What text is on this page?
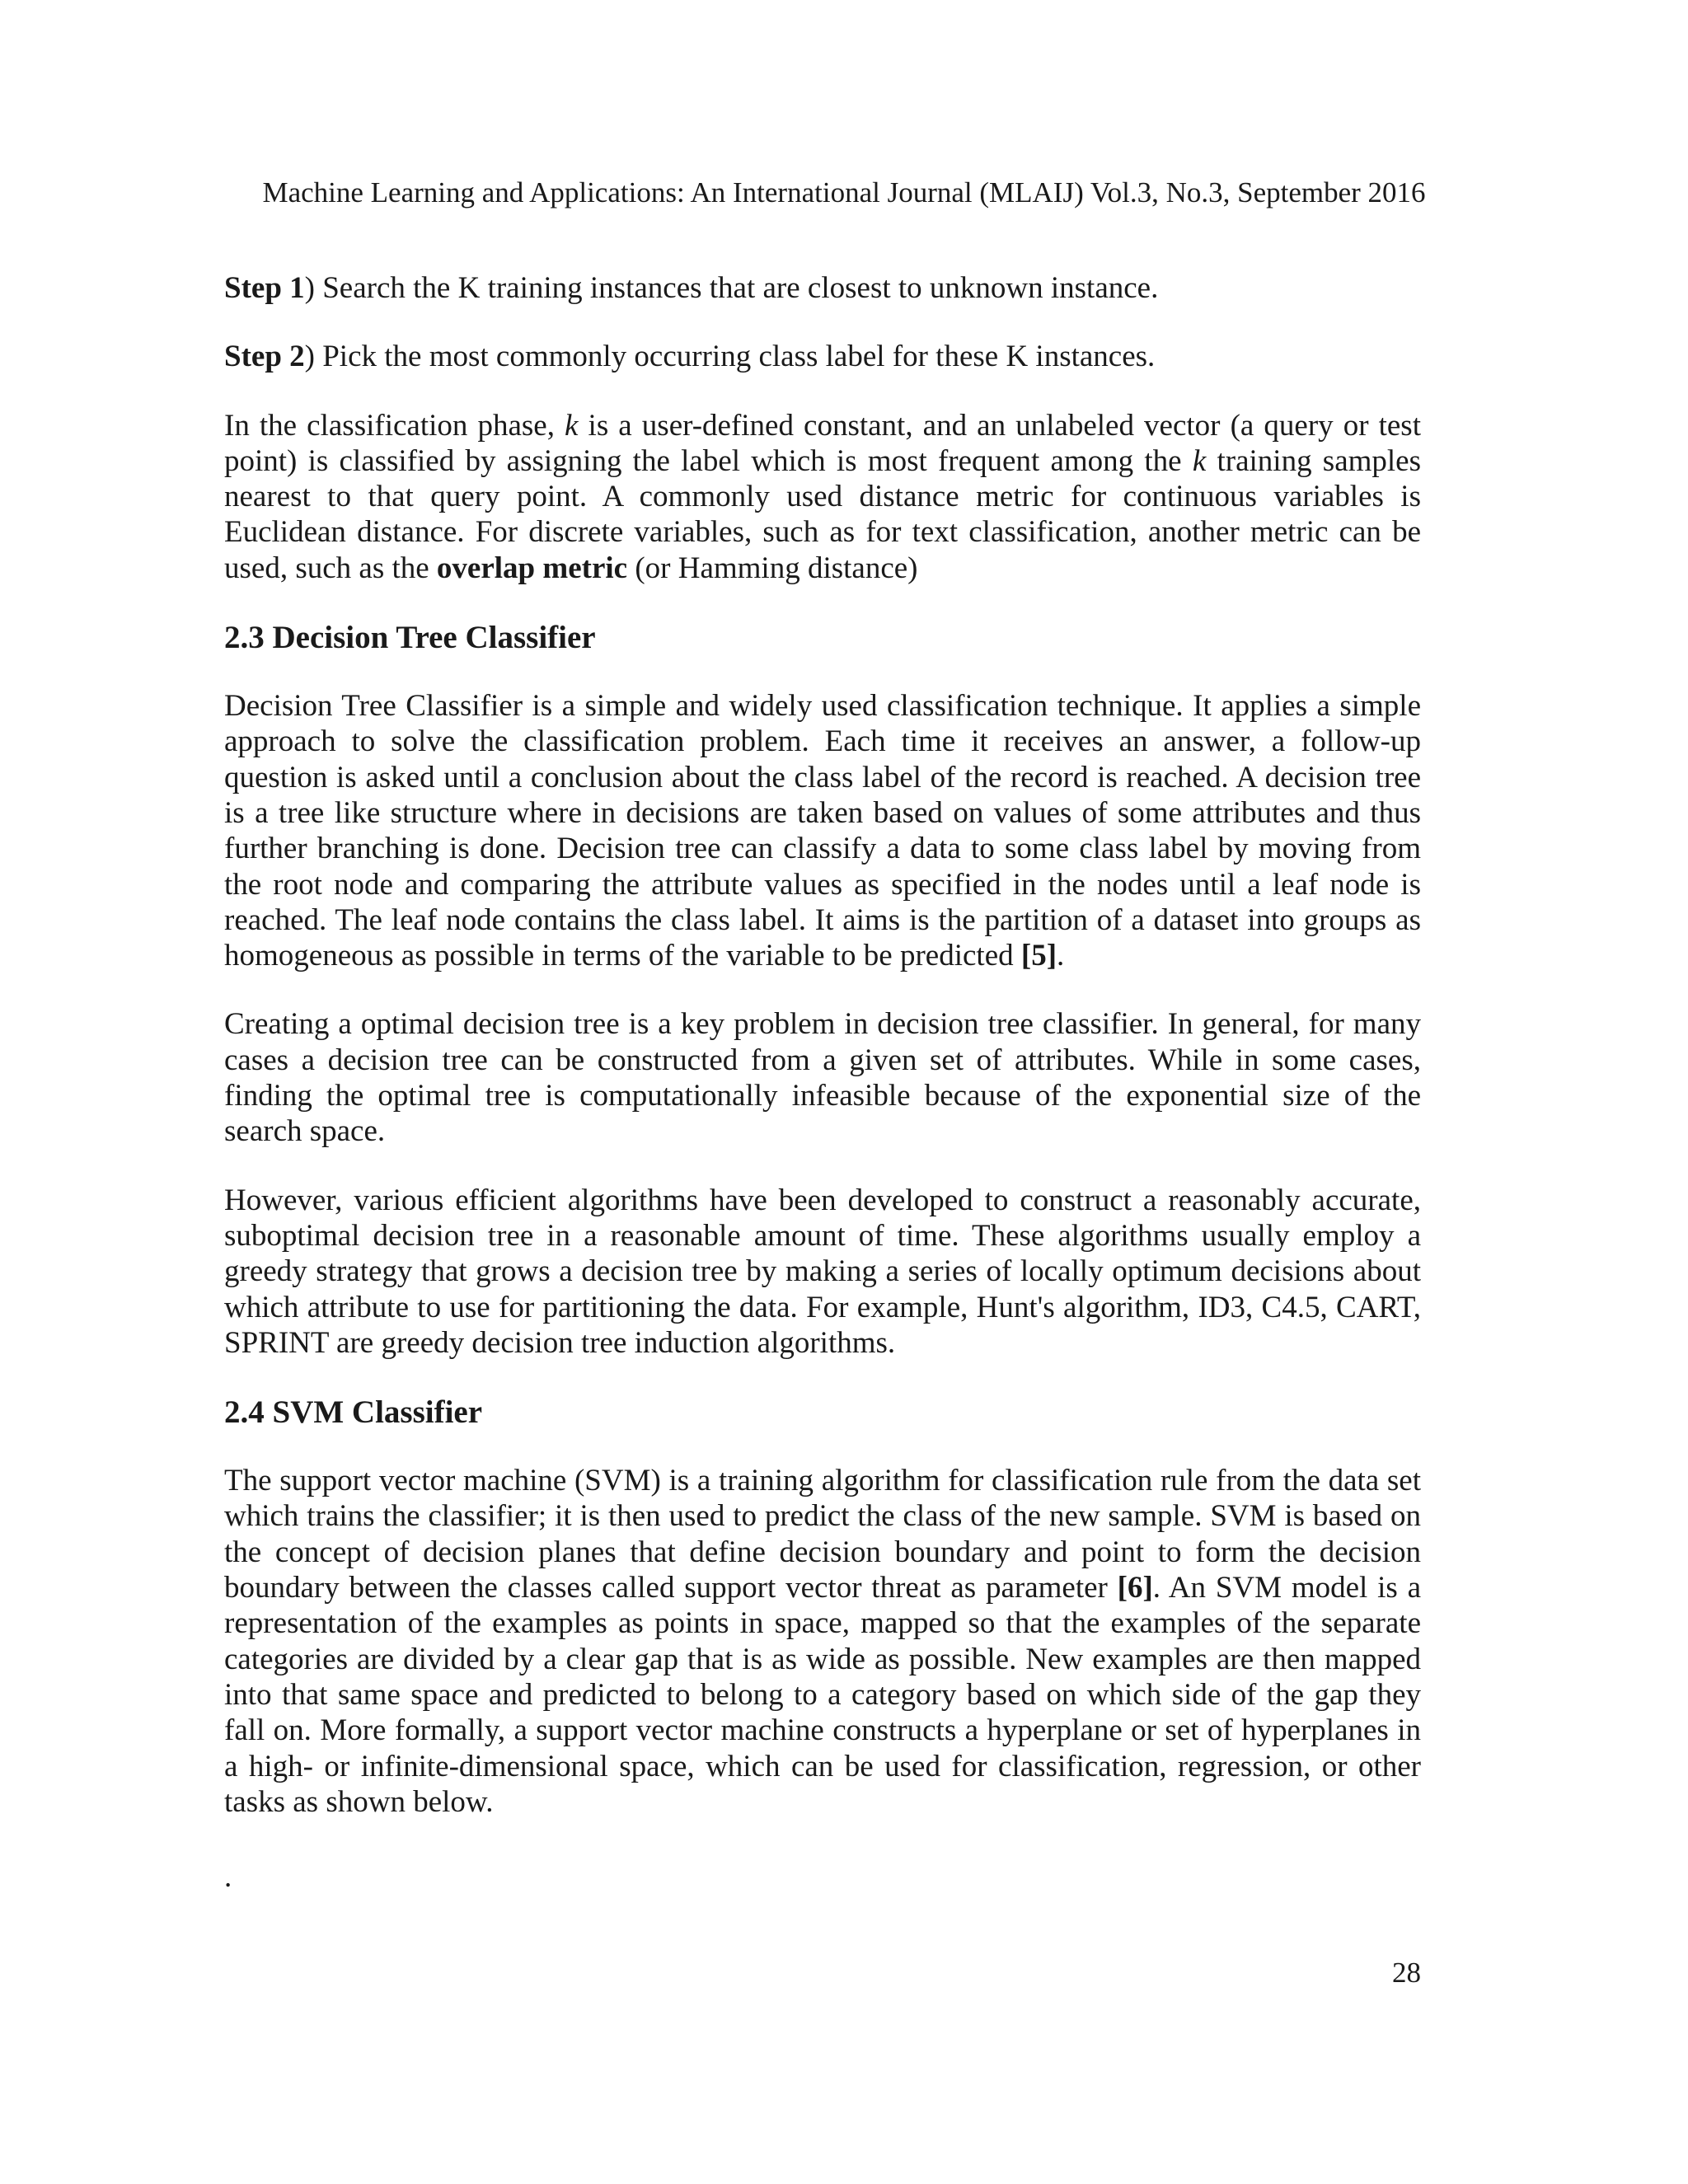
Machine Learning and Applications: An International Journal (MLAIJ) Vol.3, No.3, September 2016

Step 1) Search the K training instances that are closest to unknown instance.

Step 2) Pick the most commonly occurring class label for these K instances.

In the classification phase, k is a user-defined constant, and an unlabeled vector (a query or test point) is classified by assigning the label which is most frequent among the k training samples nearest to that query point. A commonly used distance metric for continuous variables is Euclidean distance. For discrete variables, such as for text classification, another metric can be used, such as the overlap metric (or Hamming distance)

2.3 Decision Tree Classifier

Decision Tree Classifier is a simple and widely used classification technique. It applies a simple approach to solve the classification problem. Each time it receives an answer, a follow-up question is asked until a conclusion about the class label of the record is reached. A decision tree is a tree like structure where in decisions are taken based on values of some attributes and thus further branching is done. Decision tree can classify a data to some class label by moving from the root node and comparing the attribute values as specified in the nodes until a leaf node is reached. The leaf node contains the class label. It aims is the partition of a dataset into groups as homogeneous as possible in terms of the variable to be predicted [5].

Creating a optimal decision tree is a key problem in decision tree classifier. In general, for many cases a decision tree can be constructed from a given set of attributes. While in some cases, finding the optimal tree is computationally infeasible because of the exponential size of the search space.

However, various efficient algorithms have been developed to construct a reasonably accurate, suboptimal decision tree in a reasonable amount of time. These algorithms usually employ a greedy strategy that grows a decision tree by making a series of locally optimum decisions about which attribute to use for partitioning the data. For example, Hunt's algorithm, ID3, C4.5, CART, SPRINT are greedy decision tree induction algorithms.

2.4 SVM Classifier

The support vector machine (SVM) is a training algorithm for classification rule from the data set which trains the classifier; it is then used to predict the class of the new sample. SVM is based on the concept of decision planes that define decision boundary and point to form the decision boundary between the classes called support vector threat as parameter [6]. An SVM model is a representation of the examples as points in space, mapped so that the examples of the separate categories are divided by a clear gap that is as wide as possible. New examples are then mapped into that same space and predicted to belong to a category based on which side of the gap they fall on. More formally, a support vector machine constructs a hyperplane or set of hyperplanes in a high- or infinite-dimensional space, which can be used for classification, regression, or other tasks as shown below.

.
28
